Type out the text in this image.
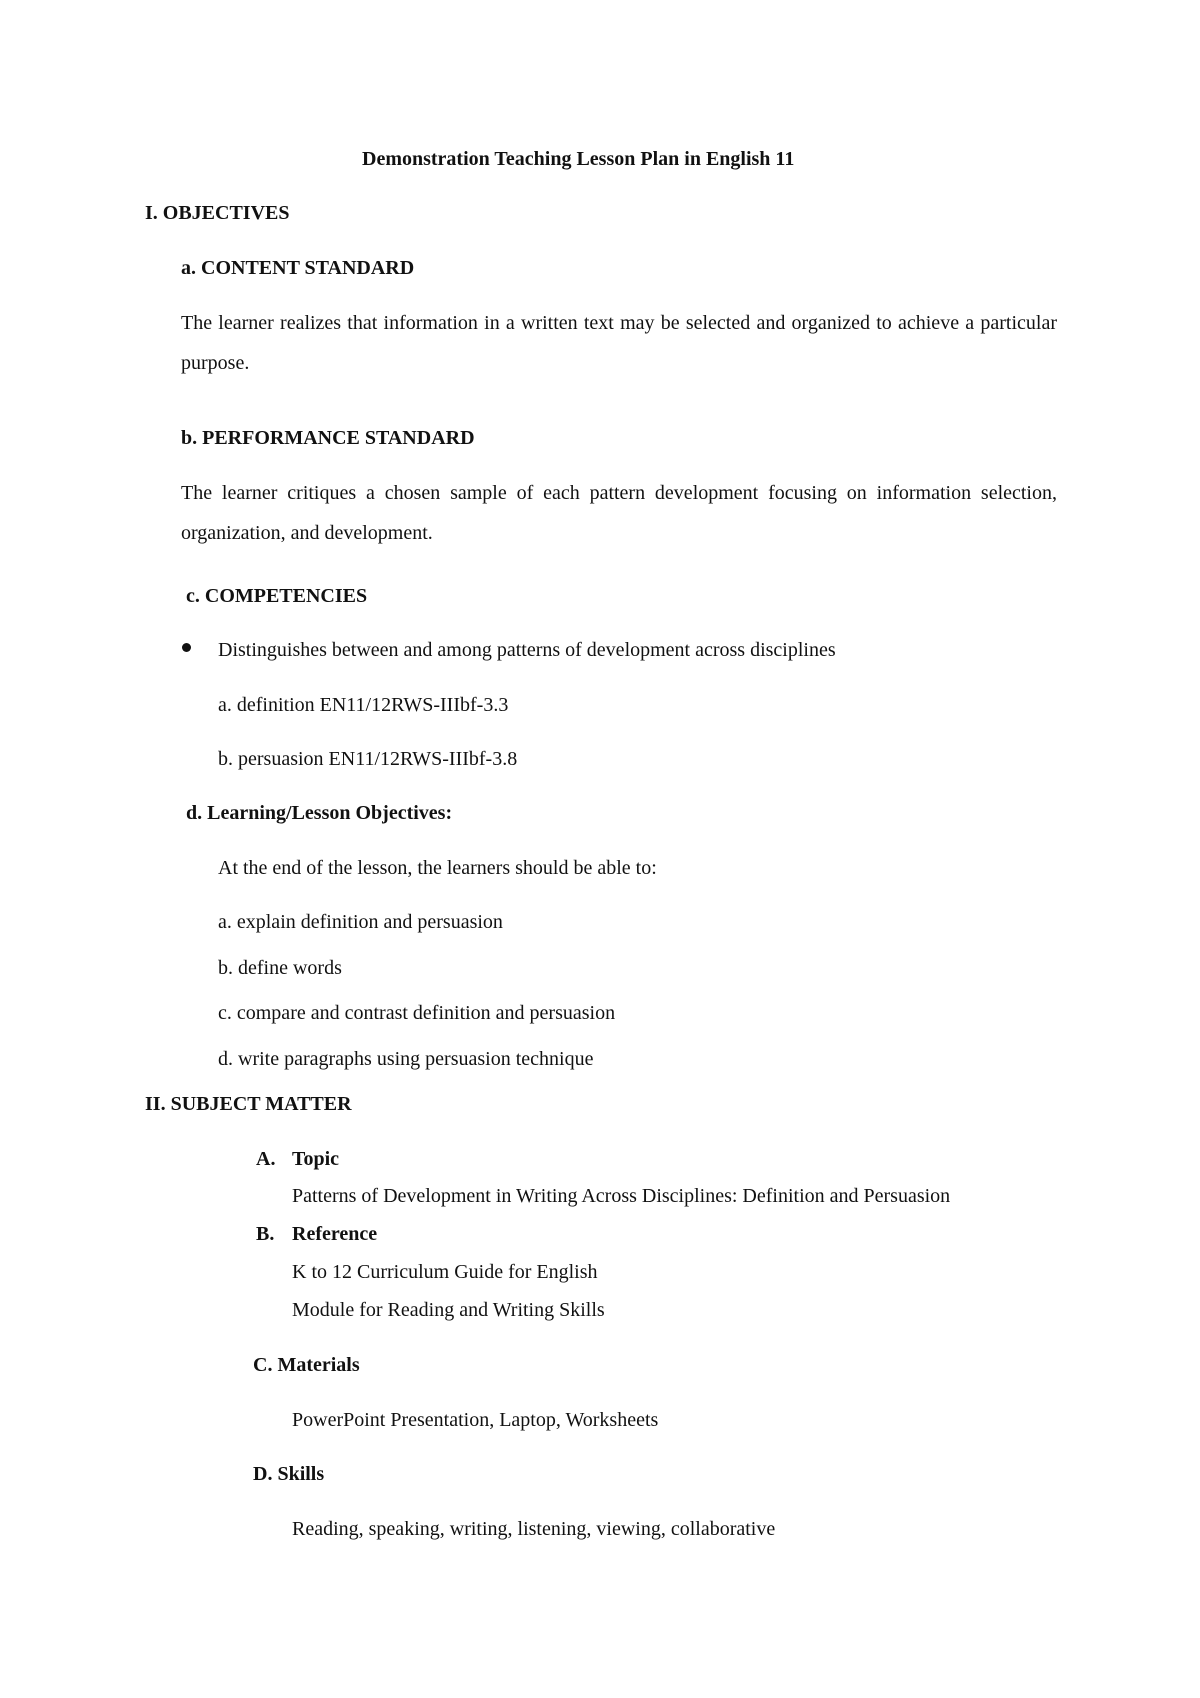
Demonstration Teaching Lesson Plan in English 11
I. OBJECTIVES
a. CONTENT STANDARD
The learner realizes that information in a written text may be selected and organized to achieve a particular purpose.
b. PERFORMANCE STANDARD
The learner critiques a chosen sample of each pattern development focusing on information selection, organization, and development.
c. COMPETENCIES
Distinguishes between and among patterns of development across disciplines
a. definition EN11/12RWS-IIIbf-3.3
b. persuasion EN11/12RWS-IIIbf-3.8
d. Learning/Lesson Objectives:
At the end of the lesson, the learners should be able to:
a. explain definition and persuasion
b. define words
c. compare and contrast definition and persuasion
d. write paragraphs using persuasion technique
II. SUBJECT MATTER
A. Topic
Patterns of Development in Writing Across Disciplines: Definition and Persuasion
B. Reference
K to 12 Curriculum Guide for English
Module for Reading and Writing Skills
C. Materials
PowerPoint Presentation, Laptop, Worksheets
D. Skills
Reading, speaking, writing, listening, viewing, collaborative
